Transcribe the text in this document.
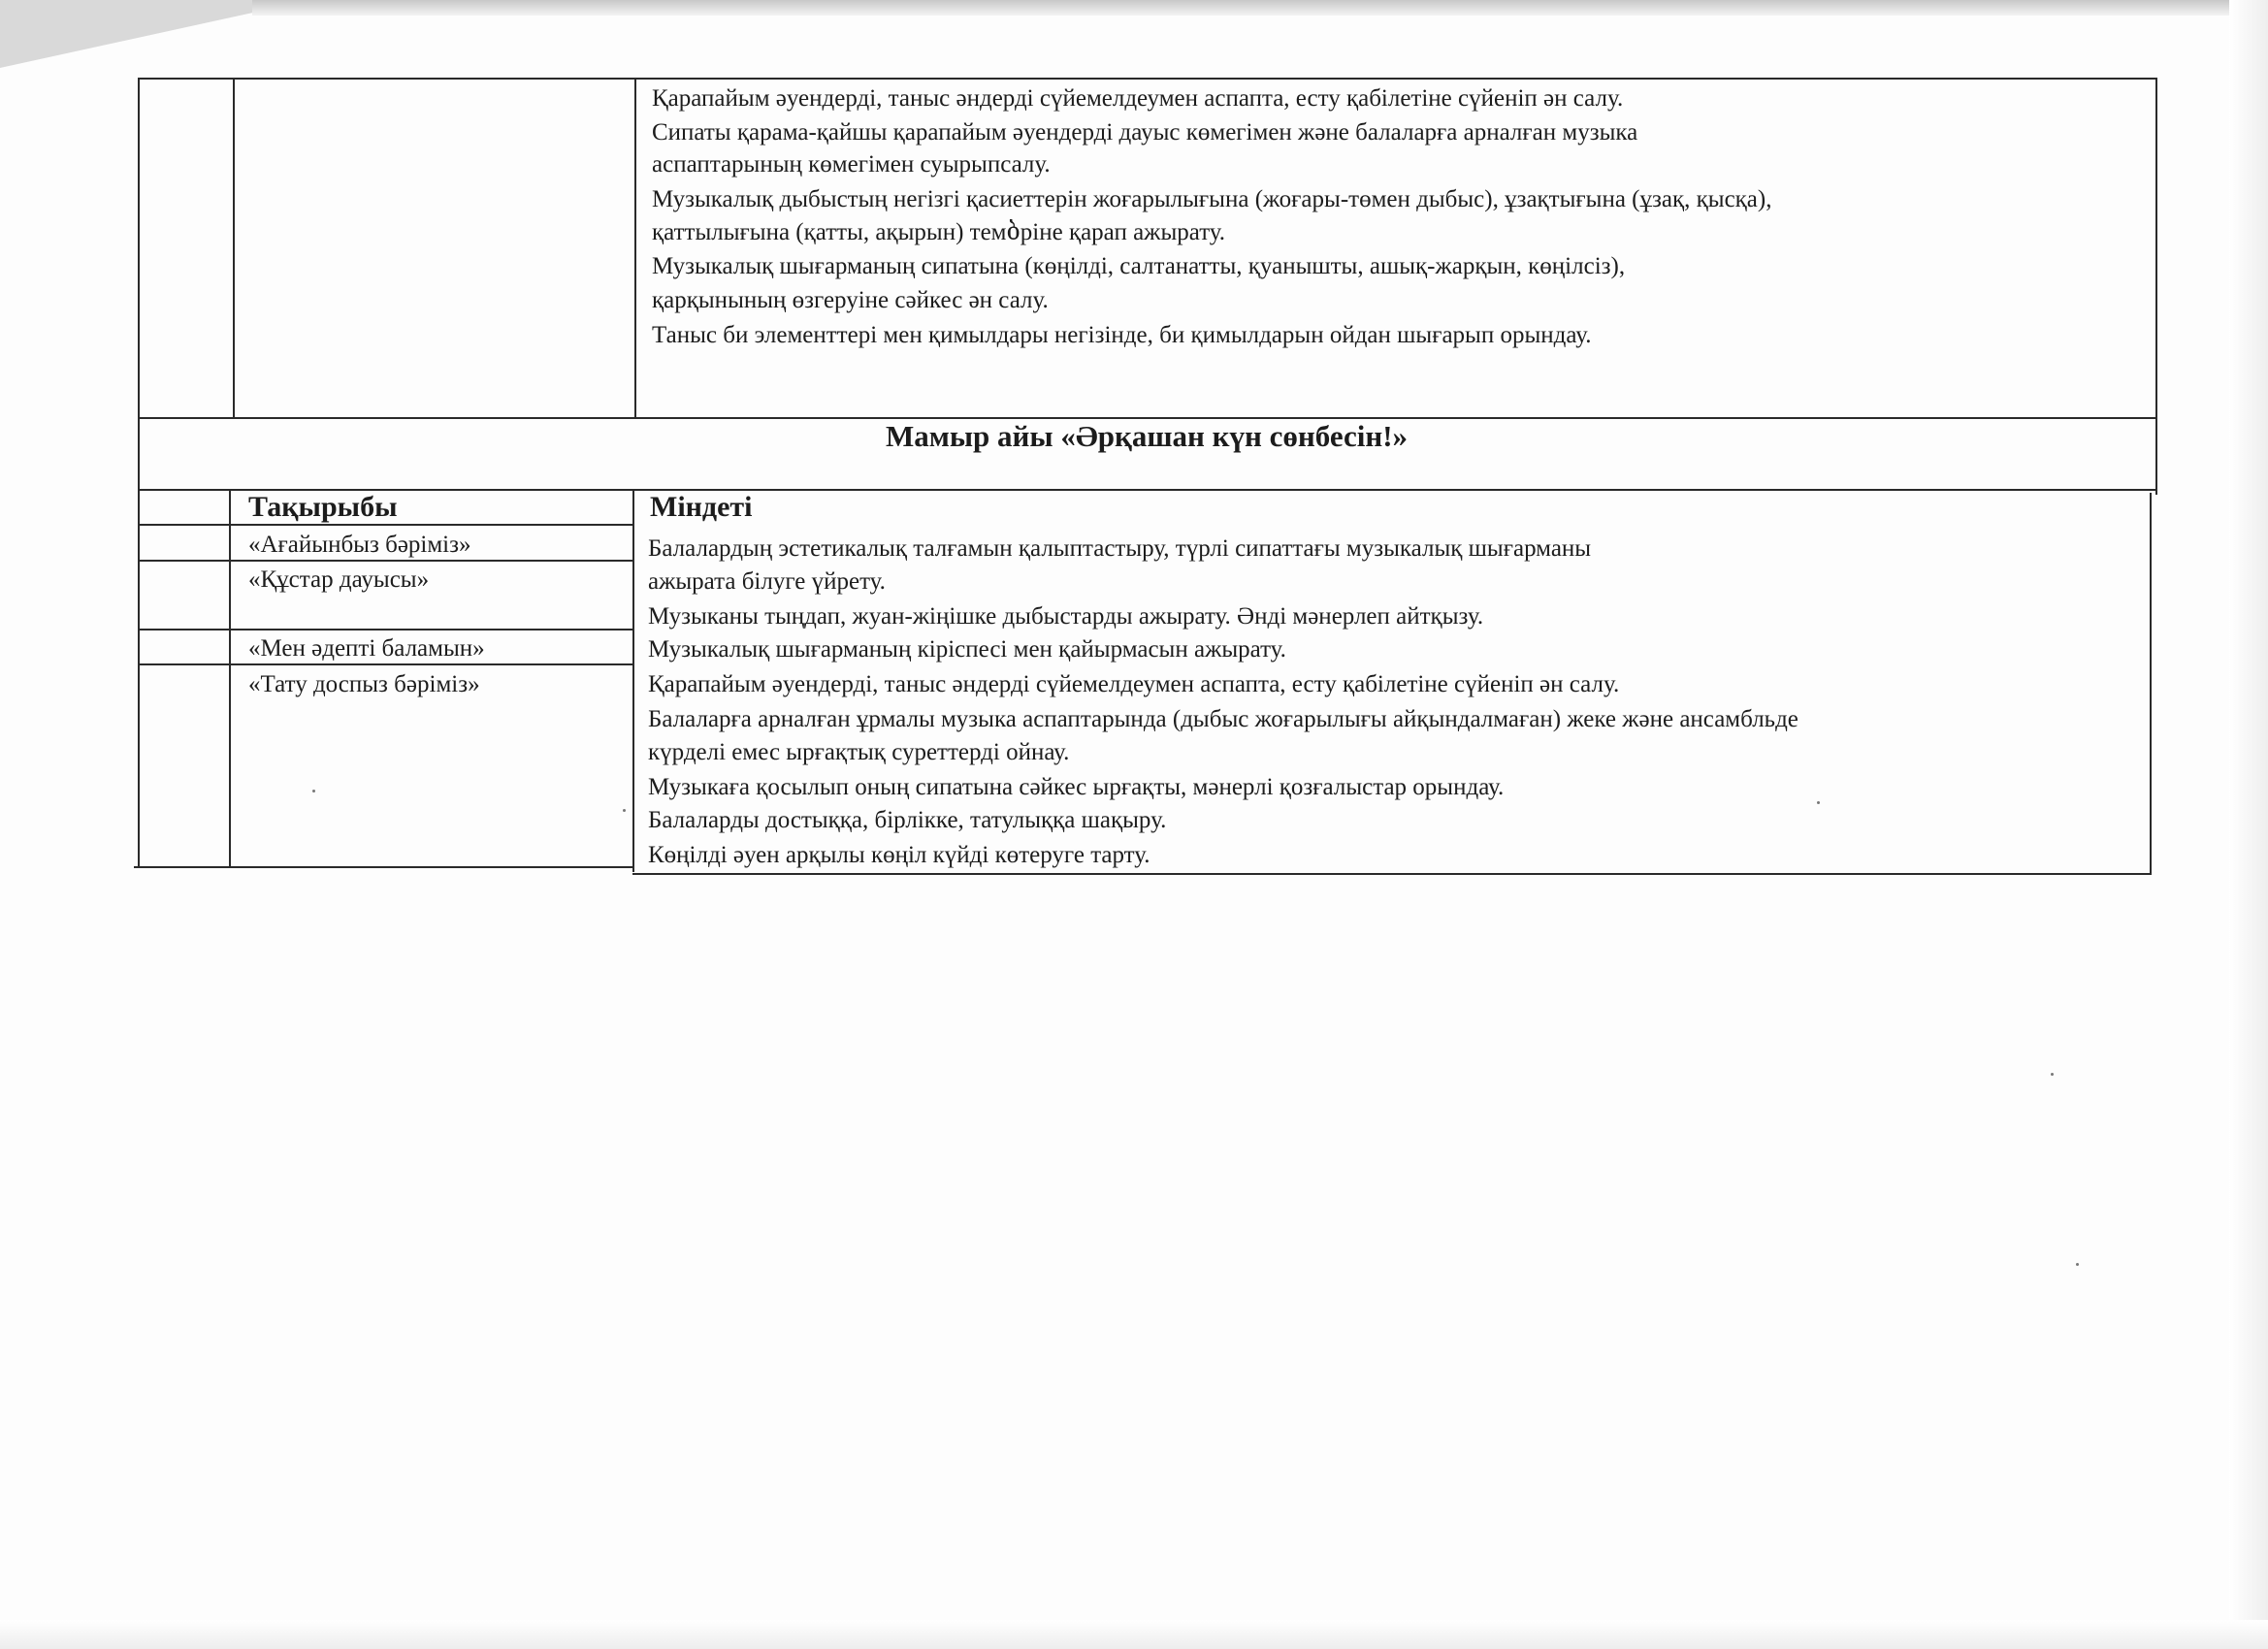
Қарапайым әуендерді, таныс әндерді сүйемелдеумен аспапта, есту қабілетіне сүйеніп ән салу.
Сипаты қарама-қайшы қарапайым әуендерді дауыс көмегімен және балаларға арналған музыка
аспаптарының көмегімен суырыпсалу.
Музыкалық дыбыстың негізгі қасиеттерін жоғарылығына (жоғары-төмен дыбыс), ұзақтығына (ұзақ, қысқа),
қаттылығына (қатты, ақырын) темბріне қарап ажырату.
Музыкалық шығарманың сипатына (көңілді, салтанатты, қуанышты, ашық-жарқын, көңілсіз),
қарқынының өзгеруіне сәйкес ән салу.
Таныс би элементтері мен қимылдары негізінде, би қимылдарын ойдан шығарып орындау.
Мамыр айы «Әрқашан күн сөнбесін!»
Тақырыбы	Міндеті
«Ағайынбыз бәріміз»
«Құстар дауысы»
«Мен әдепті баламын»
«Тату доспыз бәріміз»
Балалардың эстетикалық талғамын қалыптастыру, түрлі сипаттағы музыкалық шығарманы
ажырата білуге үйрету.
Музыканы тыңдап, жуан-жіңішке дыбыстарды ажырату. Әнді мәнерлеп айтқызу.
Музыкалық шығарманың кіріспесі мен қайырмасын ажырату.
Қарапайым әуендерді, таныс әндерді сүйемелдеумен аспапта, есту қабілетіне сүйеніп ән салу.
Балаларға арналған ұрмалы музыка аспаптарында (дыбыс жоғарылығы айқындалмаған) жеке және ансамбльде
күрделі емес ырғақтық суреттерді ойнау.
Музыкаға қосылып оның сипатына сәйкес ырғақты, мәнерлі қозғалыстар орындау.
Балаларды достыққа, бірлікке, татулыққа шақыру.
Көңілді әуен арқылы көңіл күйді көтеруге тарту.
